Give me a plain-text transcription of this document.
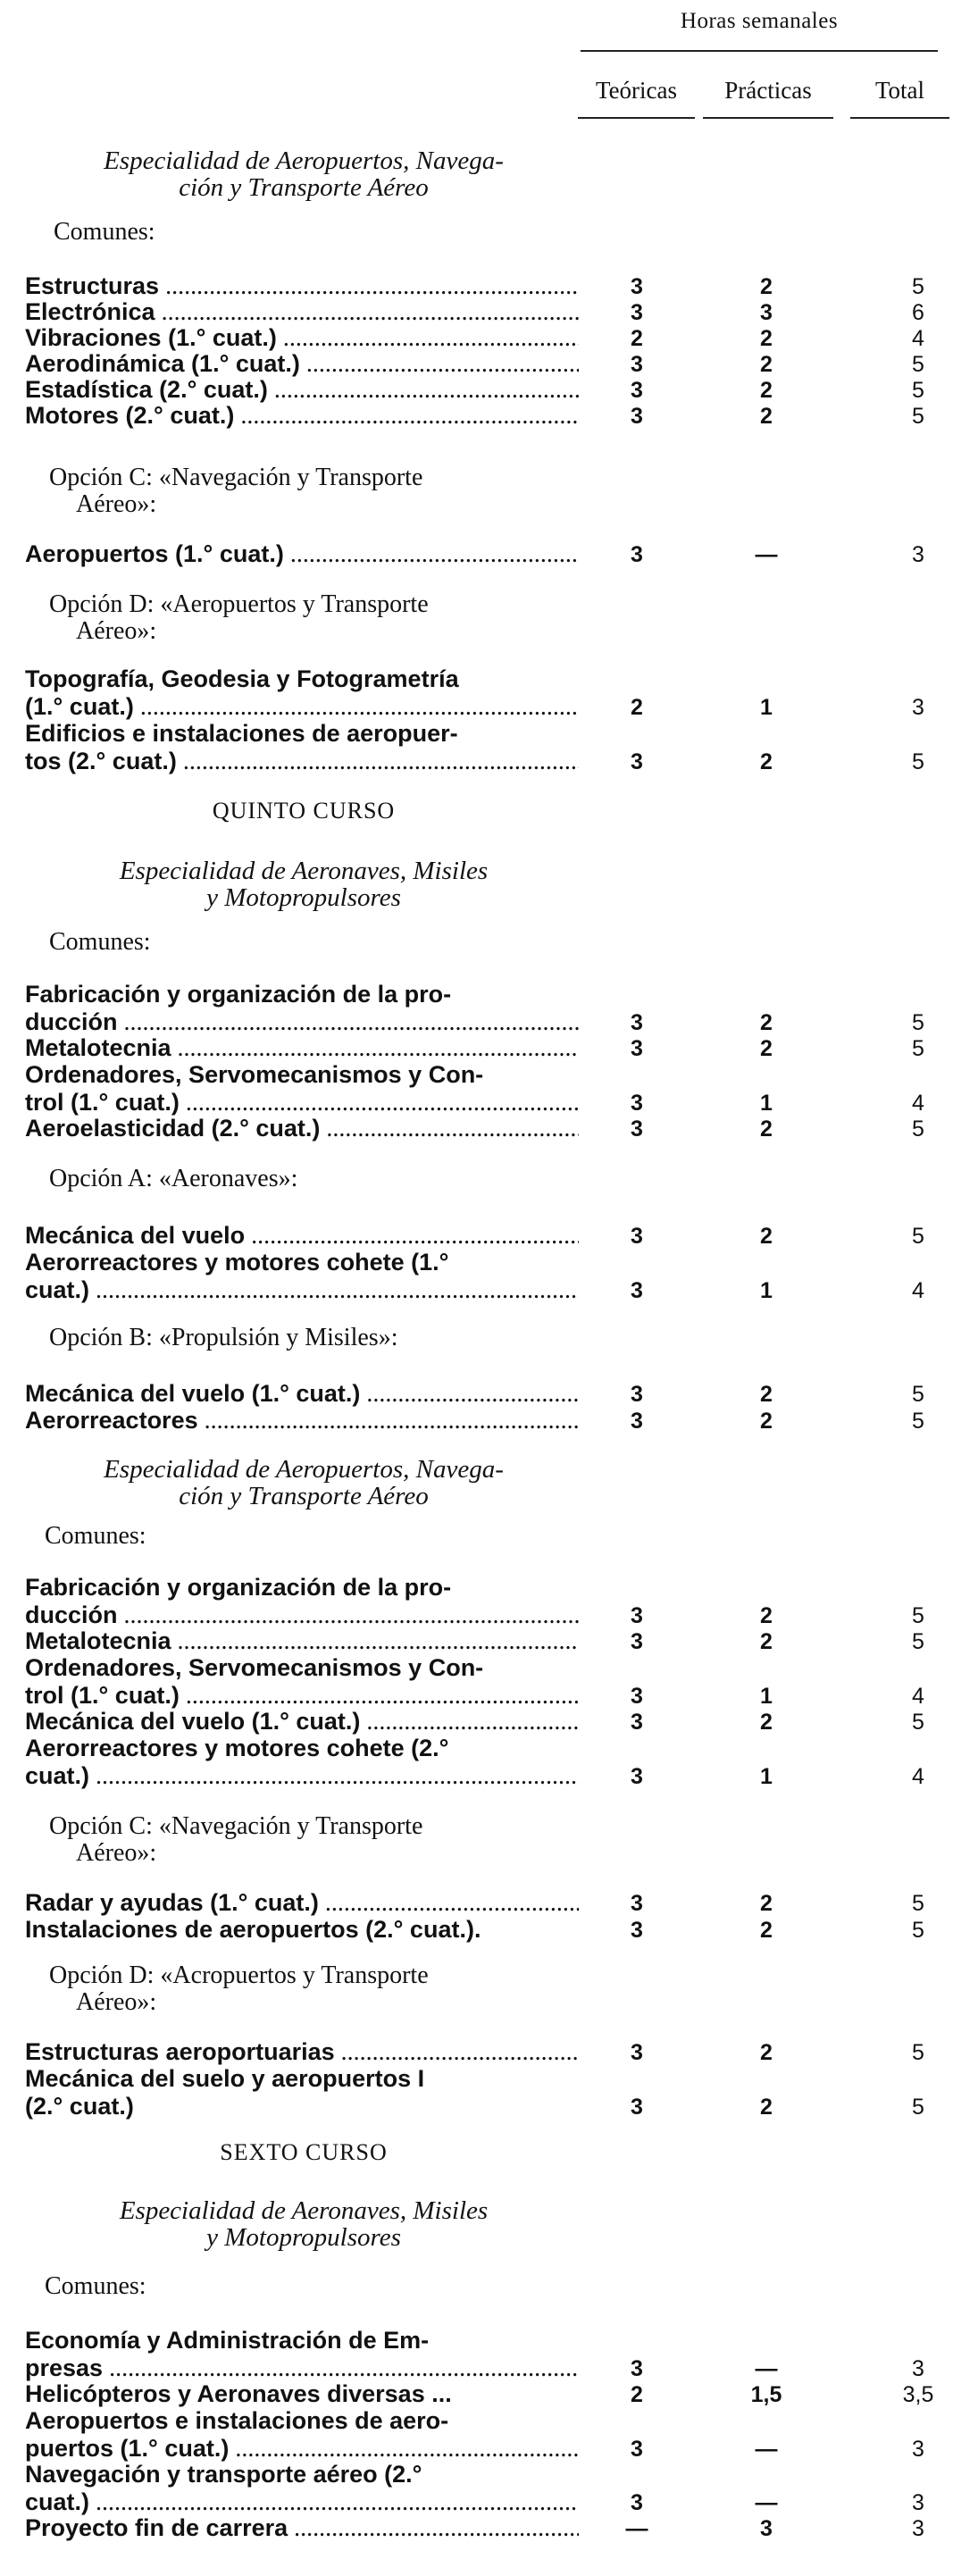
Horas semanales
Teóricas	Prácticas	Total
Especialidad de Aeropuertos, Navega-
ción y Transporte Aéreo
Comunes:
Estructuras .....	3	2	5
Electrónica .....	3	3	6
Vibraciones (1.° cuat.) .....	2	2	4
Aerodinámica (1.° cuat.) .....	3	2	5
Estadística (2.° cuat.) .....	3	2	5
Motores (2.° cuat.) .....	3	2	5
Opción C: «Navegación y Transporte
Aéreo»:
Aeropuertos (1.° cuat.) .....	3	—	3
Opción D: «Aeropuertos y Transporte
Aéreo»:
Topografía, Geodesia y Fotogrametría
(1.° cuat.) .....	2	1	3
Edificios e instalaciones de aeropuer-
tos (2.° cuat.) .....	3	2	5
QUINTO CURSO
Especialidad de Aeronaves, Misiles
y Motopropulsores
Comunes:
Fabricación y organización de la pro-
ducción .....	3	2	5
Metalotecnia .....	3	2	5
Ordenadores, Servomecanismos y Con-
trol (1.° cuat.) .....	3	1	4
Aeroelasticidad (2.° cuat.) .....	3	2	5
Opción A: «Aeronaves»:
Mecánica del vuelo .....	3	2	5
Aerorreactores y motores cohete (1.°
cuat.) .....	3	1	4
Opción B: «Propulsión y Misiles»:
Mecánica del vuelo (1.° cuat.) .....	3	2	5
Aerorreactores .....	3	2	5
Especialidad de Aeropuertos, Navega-
ción y Transporte Aéreo
Comunes:
Fabricación y organización de la pro-
ducción .....	3	2	5
Metalotecnia .....	3	2	5
Ordenadores, Servomecanismos y Con-
trol (1.° cuat.) .....	3	1	4
Mecánica del vuelo (1.° cuat.) .....	3	2	5
Aerorreactores y motores cohete (2.°
cuat.) .....	3	1	4
Opción C: «Navegación y Transporte
Aéreo»:
Radar y ayudas (1.° cuat.) .....	3	2	5
Instalaciones de aeropuertos (2.° cuat.).	3	2	5
Opción D: «Acropuertos y Transporte
Aéreo»:
Estructuras aeroportuarias .....	3	2	5
Mecánica del suelo y aeropuertos I
(2.° cuat.)	3	2	5
SEXTO CURSO
Especialidad de Aeronaves, Misiles
y Motopropulsores
Comunes:
Economía y Administración de Em-
presas .....	3	—	3
Helicópteros y Aeronaves diversas ...	2	1,5	3,5
Aeropuertos e instalaciones de aero-
puertos (1.° cuat.) .....	3	—	3
Navegación y transporte aéreo (2.°
cuat.) .....	3	—	3
Proyecto fin de carrera .....	—	3	3
